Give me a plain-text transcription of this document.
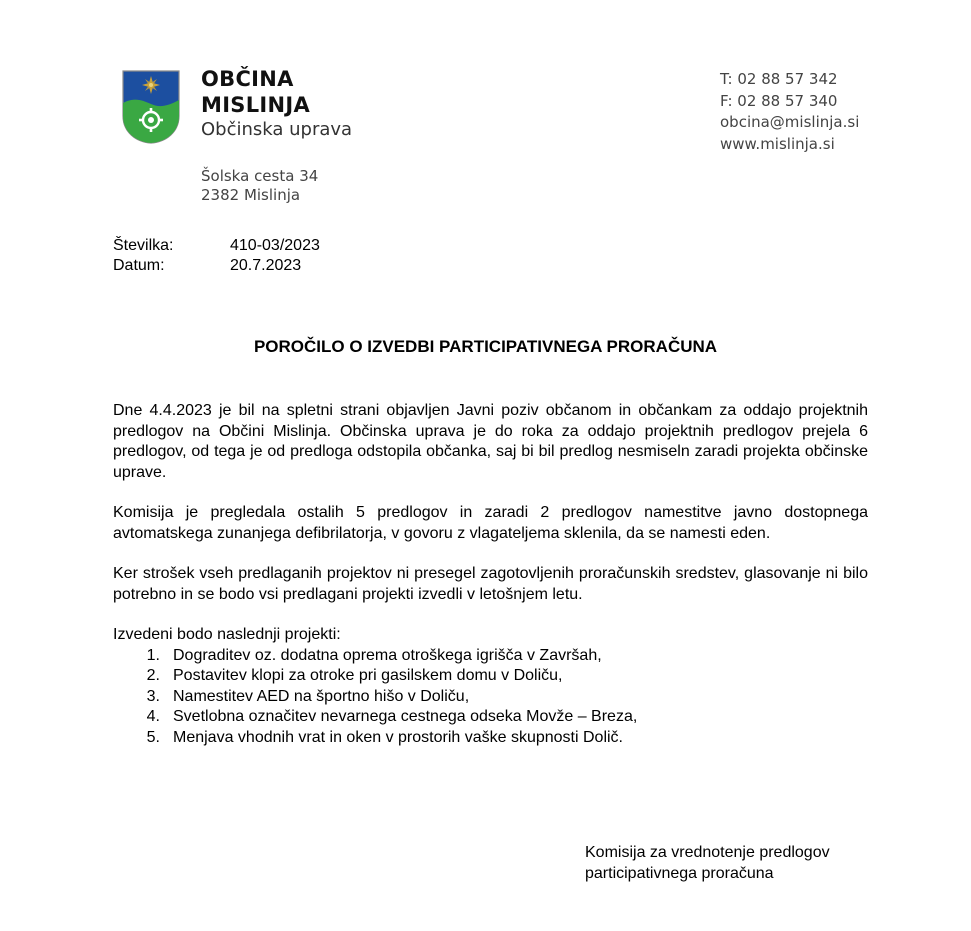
OBČINA
MISLINJA
Občinska uprava
Šolska cesta 34
2382 Mislinja
T: 02 88 57 342
F: 02 88 57 340
obcina@mislinja.si
www.mislinja.si
Številka:	410-03/2023
Datum:	20.7.2023
POROČILO O IZVEDBI PARTICIPATIVNEGA PRORAČUNA

Dne 4.4.2023 je bil na spletni strani objavljen Javni poziv občanom in občankam za oddajo projektnih predlogov na Občini Mislinja. Občinska uprava je do roka za oddajo projektnih predlogov prejela 6 predlogov, od tega je od predloga odstopila občanka, saj bi bil predlog nesmiseln zaradi projekta občinske uprave.

Komisija je pregledala ostalih 5 predlogov in zaradi 2 predlogov namestitve javno dostopnega avtomatskega zunanjega defibrilatorja, v govoru z vlagateljema sklenila, da se namesti eden.

Ker strošek vseh predlaganih projektov ni presegel zagotovljenih proračunskih sredstev, glasovanje ni bilo potrebno in se bodo vsi predlagani projekti izvedli v letošnjem letu.

Izvedeni bodo naslednji projekti:

1. Dograditev oz. dodatna oprema otroškega igrišča v Završah,
2. Postavitev klopi za otroke pri gasilskem domu v Doliču,
3. Namestitev AED na športno hišo v Doliču,
4. Svetlobna označitev nevarnega cestnega odseka Movže – Breza,
5. Menjava vhodnih vrat in oken v prostorih vaške skupnosti Dolič.
Komisija za vrednotenje predlogov
participativnega proračuna
